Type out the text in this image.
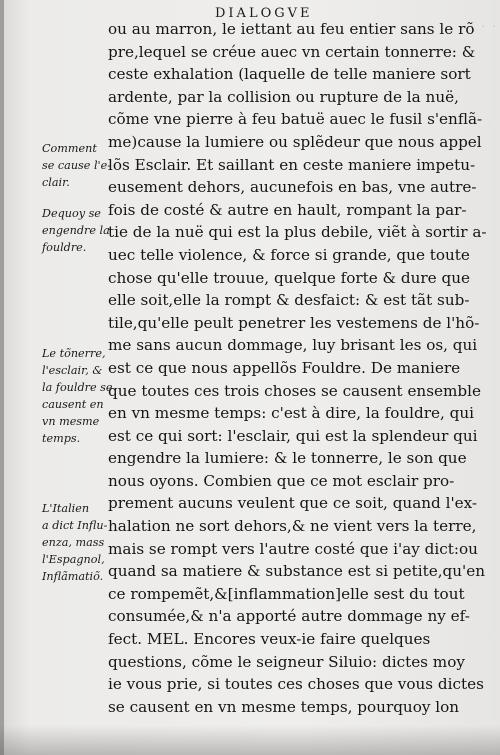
DIALOGVE
· · ·
ou au marron, le iettant au feu entier sans le rõ
pre,lequel se créue auec vn certain tonnerre: &
ceste exhalation (laquelle de telle maniere sort
ardente, par la collision ou rupture de la nuë,
cõme vne pierre à feu batuë auec le fusil s'enflã-
me)cause la lumiere ou splẽdeur que nous appel
lõs Esclair. Et saillant en ceste maniere impetu-
eusement dehors, aucunefois en bas, vne autre-
fois de costé & autre en hault, rompant la par-
tie de la nuë qui est la plus debile, viẽt à sortir a-
uec telle violence, & force si grande, que toute
chose qu'elle trouue, quelque forte & dure que
elle soit,elle la rompt & desfaict: & est tãt sub-
tile,qu'elle peult penetrer les vestemens de l'hõ-
me sans aucun dommage, luy brisant les os, qui
est ce que nous appellõs Fouldre. De maniere
que toutes ces trois choses se causent ensemble
en vn mesme temps: c'est à dire, la fouldre, qui
est ce qui sort: l'esclair, qui est la splendeur qui
engendre la lumiere: & le tonnerre, le son que
nous oyons. Combien que ce mot esclair pro-
prement aucuns veulent que ce soit, quand l'ex-
halation ne sort dehors,& ne vient vers la terre,
mais se rompt vers l'autre costé que i'ay dict:ou
quand sa matiere & substance est si petite,qu'en
ce rompemẽt,&[inflammation]elle sest du tout
consumée,& n'a apporté autre dommage ny ef-
fect. MEL. Encores veux-ie faire quelques
questions, cõme le seigneur Siluio: dictes moy
ie vous prie, si toutes ces choses que vous dictes
se causent en vn mesme temps, pourquoy lon
Comment
se cause l'e-
clair.
Dequoy se
engendre la
fouldre.
Le tõnerre,
l'esclair, &
la fouldre se
causent en
vn mesme
temps.
L'Italien
a dict Influ-
enza, mass
l'Espagnol,
Inflãmatiõ.
